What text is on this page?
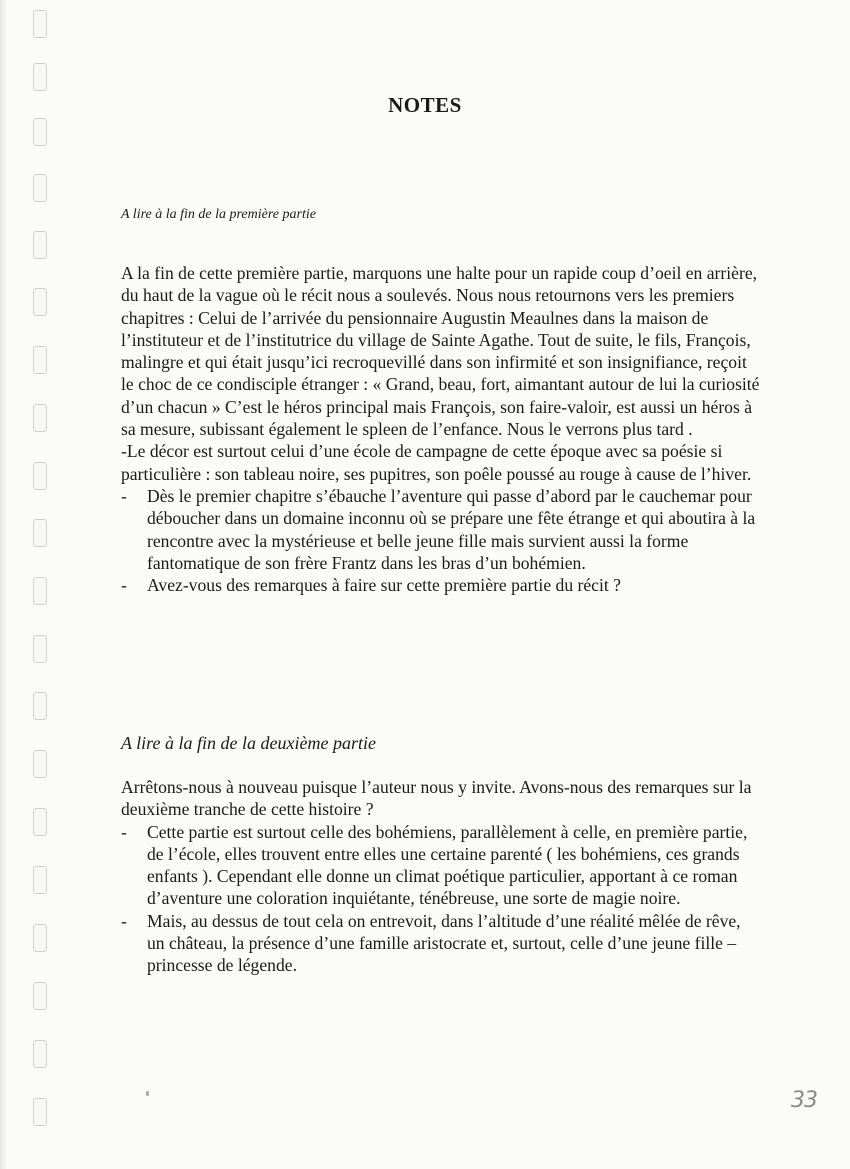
NOTES
A lire à la fin de la première partie

A la fin de cette première partie, marquons une halte pour un rapide coup d’oeil en arrière, du haut de la vague où le récit nous a soulevés. Nous nous retournons vers les premiers chapitres : Celui de l’arrivée du pensionnaire Augustin Meaulnes dans la maison de l’instituteur et de l’institutrice du village de Sainte Agathe. Tout de suite, le fils, François, malingre et qui était jusqu’ici recroquevillé dans son infirmité et son insignifiance, reçoit le choc de ce condisciple étranger : « Grand, beau, fort, aimantant autour de lui la curiosité d’un chacun » C’est le héros principal mais François, son faire-valoir, est aussi un héros à sa mesure, subissant également le spleen de l’enfance. Nous le verrons plus tard .

-Le décor est surtout celui d’une école de campagne de cette époque avec sa poésie si particulière : son tableau noire, ses pupitres, son poêle poussé au rouge à cause de l’hiver.

- Dès le premier chapitre s’ébauche l’aventure qui passe d’abord par le cauchemar pour déboucher dans un domaine inconnu où se prépare une fête étrange et qui aboutira à la rencontre avec la mystérieuse et belle jeune fille mais survient aussi la forme fantomatique de son frère Frantz dans les bras d’un bohémien.
- Avez-vous des remarques à faire sur cette première partie du récit ?
A lire à la fin de la deuxième partie

Arrêtons-nous à nouveau puisque l’auteur nous y invite. Avons-nous des remarques sur la deuxième tranche de cette histoire ?

- Cette partie est surtout celle des bohémiens, parallèlement à celle, en première partie, de l’école, elles trouvent entre elles une certaine parenté ( les bohémiens, ces grands enfants ). Cependant elle donne un climat poétique particulier, apportant à ce roman d’aventure une coloration inquiétante, ténébreuse, une sorte de magie noire.
- Mais, au dessus de tout cela on entrevoit, dans l’altitude d’une réalité mêlée de rêve, un château, la présence d’une famille aristocrate et, surtout, celle d’une jeune fille – princesse de légende.
33
